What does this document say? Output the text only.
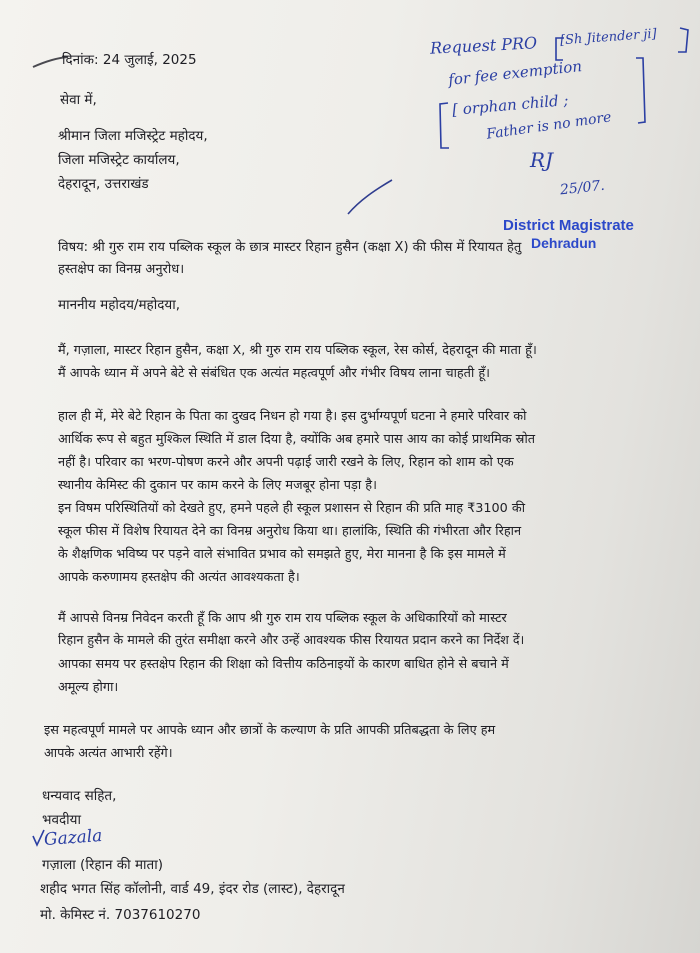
दिनांक: 24 जुलाई, 2025
सेवा में,
श्रीमान जिला मजिस्ट्रेट महोदय,
जिला मजिस्ट्रेट कार्यालय,
देहरादून, उत्तराखंड
Request PRO [Sh Jitender ji]
for fee exemption
[ orphan child ;
Father is no more
RJ
25/07.
District Magistrate
Dehradun
विषय: श्री गुरु राम राय पब्लिक स्कूल के छात्र मास्टर रिहान हुसैन (कक्षा X) की फीस में रियायत हेतु
हस्तक्षेप का विनम्र अनुरोध।
माननीय महोदय/महोदया,
मैं, गज़ाला, मास्टर रिहान हुसैन, कक्षा X, श्री गुरु राम राय पब्लिक स्कूल, रेस कोर्स, देहरादून की माता हूँ।
मैं आपके ध्यान में अपने बेटे से संबंधित एक अत्यंत महत्वपूर्ण और गंभीर विषय लाना चाहती हूँ।
हाल ही में, मेरे बेटे रिहान के पिता का दुखद निधन हो गया है। इस दुर्भाग्यपूर्ण घटना ने हमारे परिवार को
आर्थिक रूप से बहुत मुश्किल स्थिति में डाल दिया है, क्योंकि अब हमारे पास आय का कोई प्राथमिक स्रोत
नहीं है। परिवार का भरण-पोषण करने और अपनी पढ़ाई जारी रखने के लिए, रिहान को शाम को एक
स्थानीय केमिस्ट की दुकान पर काम करने के लिए मजबूर होना पड़ा है।
इन विषम परिस्थितियों को देखते हुए, हमने पहले ही स्कूल प्रशासन से रिहान की प्रति माह ₹3100 की
स्कूल फीस में विशेष रियायत देने का विनम्र अनुरोध किया था। हालांकि, स्थिति की गंभीरता और रिहान
के शैक्षणिक भविष्य पर पड़ने वाले संभावित प्रभाव को समझते हुए, मेरा मानना है कि इस मामले में
आपके करुणामय हस्तक्षेप की अत्यंत आवश्यकता है।
मैं आपसे विनम्र निवेदन करती हूँ कि आप श्री गुरु राम राय पब्लिक स्कूल के अधिकारियों को मास्टर
रिहान हुसैन के मामले की तुरंत समीक्षा करने और उन्हें आवश्यक फीस रियायत प्रदान करने का निर्देश दें।
आपका समय पर हस्तक्षेप रिहान की शिक्षा को वित्तीय कठिनाइयों के कारण बाधित होने से बचाने में
अमूल्य होगा।
इस महत्वपूर्ण मामले पर आपके ध्यान और छात्रों के कल्याण के प्रति आपकी प्रतिबद्धता के लिए हम
आपके अत्यंत आभारी रहेंगे।
धन्यवाद सहित,
भवदीया
Gazala
गज़ाला (रिहान की माता)
शहीद भगत सिंह कॉलोनी, वार्ड 49, इंदर रोड (लास्ट), देहरादून
मो. केमिस्ट नं. 7037610270
